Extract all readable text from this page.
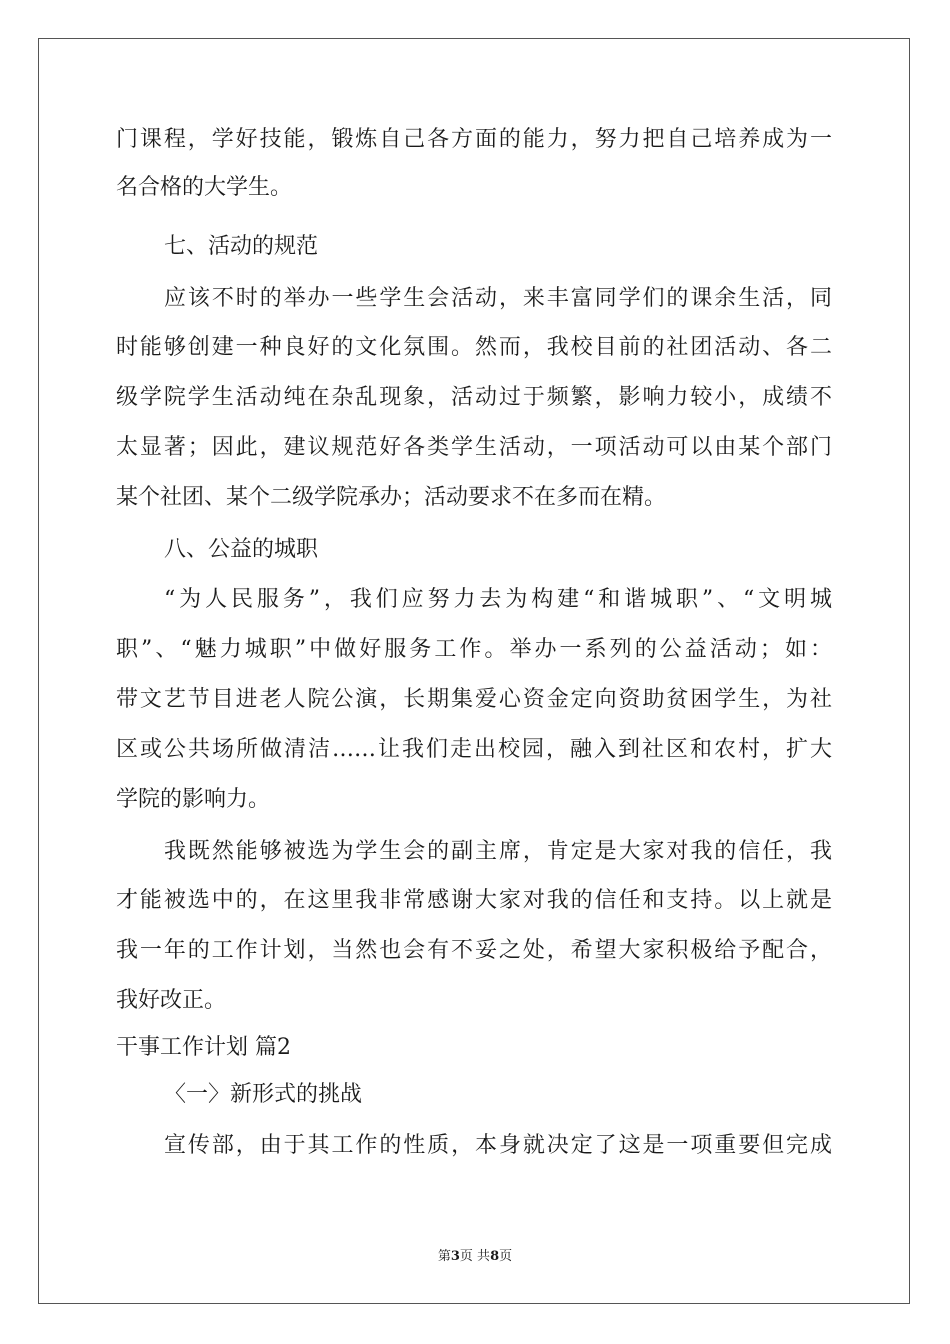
门课程，学好技能，锻炼自己各方面的能力，努力把自己培养成为一
名合格的大学生。
七、活动的规范
应该不时的举办一些学生会活动，来丰富同学们的课余生活，同
时能够创建一种良好的文化氛围。然而，我校目前的社团活动、各二
级学院学生活动纯在杂乱现象，活动过于频繁，影响力较小，成绩不
太显著；因此，建议规范好各类学生活动，一项活动可以由某个部门
某个社团、某个二级学院承办；活动要求不在多而在精。
八、公益的城职
“为人民服务”，我们应努力去为构建“和谐城职”、“文明城
职”、“魅力城职”中做好服务工作。举办一系列的公益活动；如：
带文艺节目进老人院公演，长期集爱心资金定向资助贫困学生，为社
区或公共场所做清洁……让我们走出校园，融入到社区和农村，扩大
学院的影响力。
我既然能够被选为学生会的副主席，肯定是大家对我的信任，我
才能被选中的，在这里我非常感谢大家对我的信任和支持。以上就是
我一年的工作计划，当然也会有不妥之处，希望大家积极给予配合，
我好改正。
干事工作计划 篇2
〈一〉新形式的挑战
宣传部，由于其工作的性质，本身就决定了这是一项重要但完成
第3页 共8页
